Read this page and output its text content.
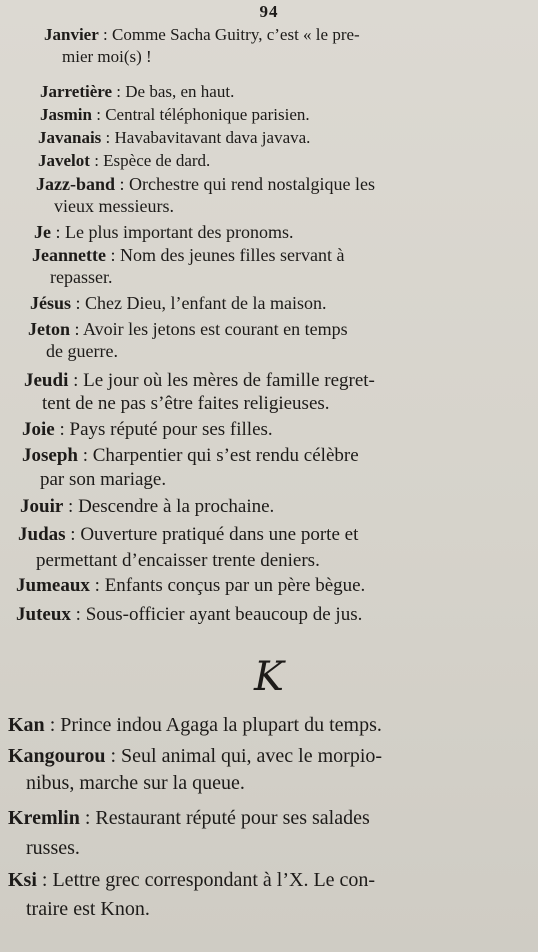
94
Janvier : Comme Sacha Guitry, c’est « le pre-
mier moi(s) !
Jarretière : De bas, en haut.
Jasmin : Central téléphonique parisien.
Javanais : Havabavitavant dava javava.
Javelot : Espèce de dard.
Jazz-band : Orchestre qui rend nostalgique les
vieux messieurs.
Je : Le plus important des pronoms.
Jeannette : Nom des jeunes filles servant à
repasser.
Jésus : Chez Dieu, l’enfant de la maison.
Jeton : Avoir les jetons est courant en temps
de guerre.
Jeudi : Le jour où les mères de famille regret-
tent de ne pas s’être faites religieuses.
Joie : Pays réputé pour ses filles.
Joseph : Charpentier qui s’est rendu célèbre
par son mariage.
Jouir : Descendre à la prochaine.
Judas : Ouverture pratiqué dans une porte et
permettant d’encaisser trente deniers.
Jumeaux : Enfants conçus par un père bègue.
Juteux : Sous-officier ayant beaucoup de jus.
K
Kan : Prince indou Agaga la plupart du temps.
Kangourou : Seul animal qui, avec le morpio-
nibus, marche sur la queue.
Kremlin : Restaurant réputé pour ses salades
russes.
Ksi : Lettre grec correspondant à l’X. Le con-
traire est Knon.
